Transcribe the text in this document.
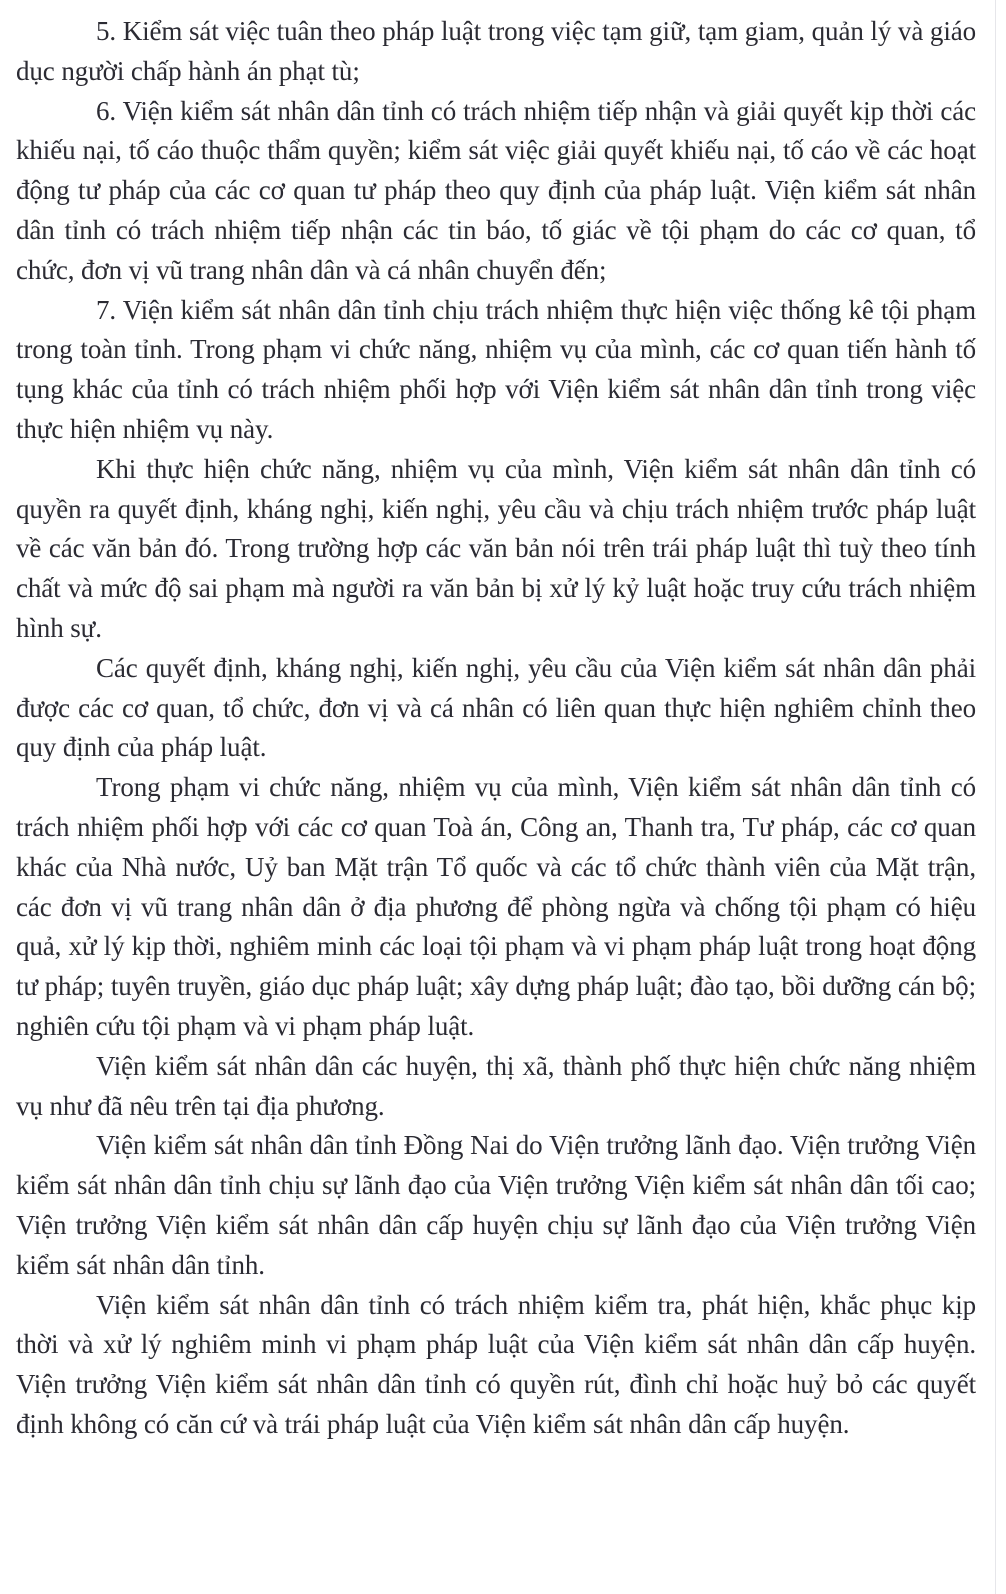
5. Kiểm sát việc tuân theo pháp luật trong việc tạm giữ, tạm giam, quản lý và giáo dục người chấp hành án phạt tù;

6. Viện kiểm sát nhân dân tỉnh có trách nhiệm tiếp nhận và giải quyết kịp thời các khiếu nại, tố cáo thuộc thẩm quyền; kiểm sát việc giải quyết khiếu nại, tố cáo về các hoạt động tư pháp của các cơ quan tư pháp theo quy định của pháp luật. Viện kiểm sát nhân dân tỉnh có trách nhiệm tiếp nhận các tin báo, tố giác về tội phạm do các cơ quan, tổ chức, đơn vị vũ trang nhân dân và cá nhân chuyển đến;

7. Viện kiểm sát nhân dân tỉnh chịu trách nhiệm thực hiện việc thống kê tội phạm trong toàn tỉnh. Trong phạm vi chức năng, nhiệm vụ của mình, các cơ quan tiến hành tố tụng khác của tỉnh có trách nhiệm phối hợp với Viện kiểm sát nhân dân tỉnh trong việc thực hiện nhiệm vụ này.

Khi thực hiện chức năng, nhiệm vụ của mình, Viện kiểm sát nhân dân tỉnh có quyền ra quyết định, kháng nghị, kiến nghị, yêu cầu và chịu trách nhiệm trước pháp luật về các văn bản đó. Trong trường hợp các văn bản nói trên trái pháp luật thì tuỳ theo tính chất và mức độ sai phạm mà người ra văn bản bị xử lý kỷ luật hoặc truy cứu trách nhiệm hình sự.

Các quyết định, kháng nghị, kiến nghị, yêu cầu của Viện kiểm sát nhân dân phải được các cơ quan, tổ chức, đơn vị và cá nhân có liên quan thực hiện nghiêm chỉnh theo quy định của pháp luật.

Trong phạm vi chức năng, nhiệm vụ của mình, Viện kiểm sát nhân dân tỉnh có trách nhiệm phối hợp với các cơ quan Toà án, Công an, Thanh tra, Tư pháp, các cơ quan khác của Nhà nước, Uỷ ban Mặt trận Tổ quốc và các tổ chức thành viên của Mặt trận, các đơn vị vũ trang nhân dân ở địa phương để phòng ngừa và chống tội phạm có hiệu quả, xử lý kịp thời, nghiêm minh các loại tội phạm và vi phạm pháp luật trong hoạt động tư pháp; tuyên truyền, giáo dục pháp luật; xây dựng pháp luật; đào tạo, bồi dưỡng cán bộ; nghiên cứu tội phạm và vi phạm pháp luật.

Viện kiểm sát nhân dân các huyện, thị xã, thành phố thực hiện chức năng nhiệm vụ như đã nêu trên tại địa phương.

Viện kiểm sát nhân dân tỉnh Đồng Nai do Viện trưởng lãnh đạo. Viện trưởng Viện kiểm sát nhân dân tỉnh chịu sự lãnh đạo của Viện trưởng Viện kiểm sát nhân dân tối cao; Viện trưởng Viện kiểm sát nhân dân cấp huyện chịu sự lãnh đạo của Viện trưởng Viện kiểm sát nhân dân tỉnh.

Viện kiểm sát nhân dân tỉnh có trách nhiệm kiểm tra, phát hiện, khắc phục kịp thời và xử lý nghiêm minh vi phạm pháp luật của Viện kiểm sát nhân dân cấp huyện. Viện trưởng Viện kiểm sát nhân dân tỉnh có quyền rút, đình chỉ hoặc huỷ bỏ các quyết định không có căn cứ và trái pháp luật của Viện kiểm sát nhân dân cấp huyện.
